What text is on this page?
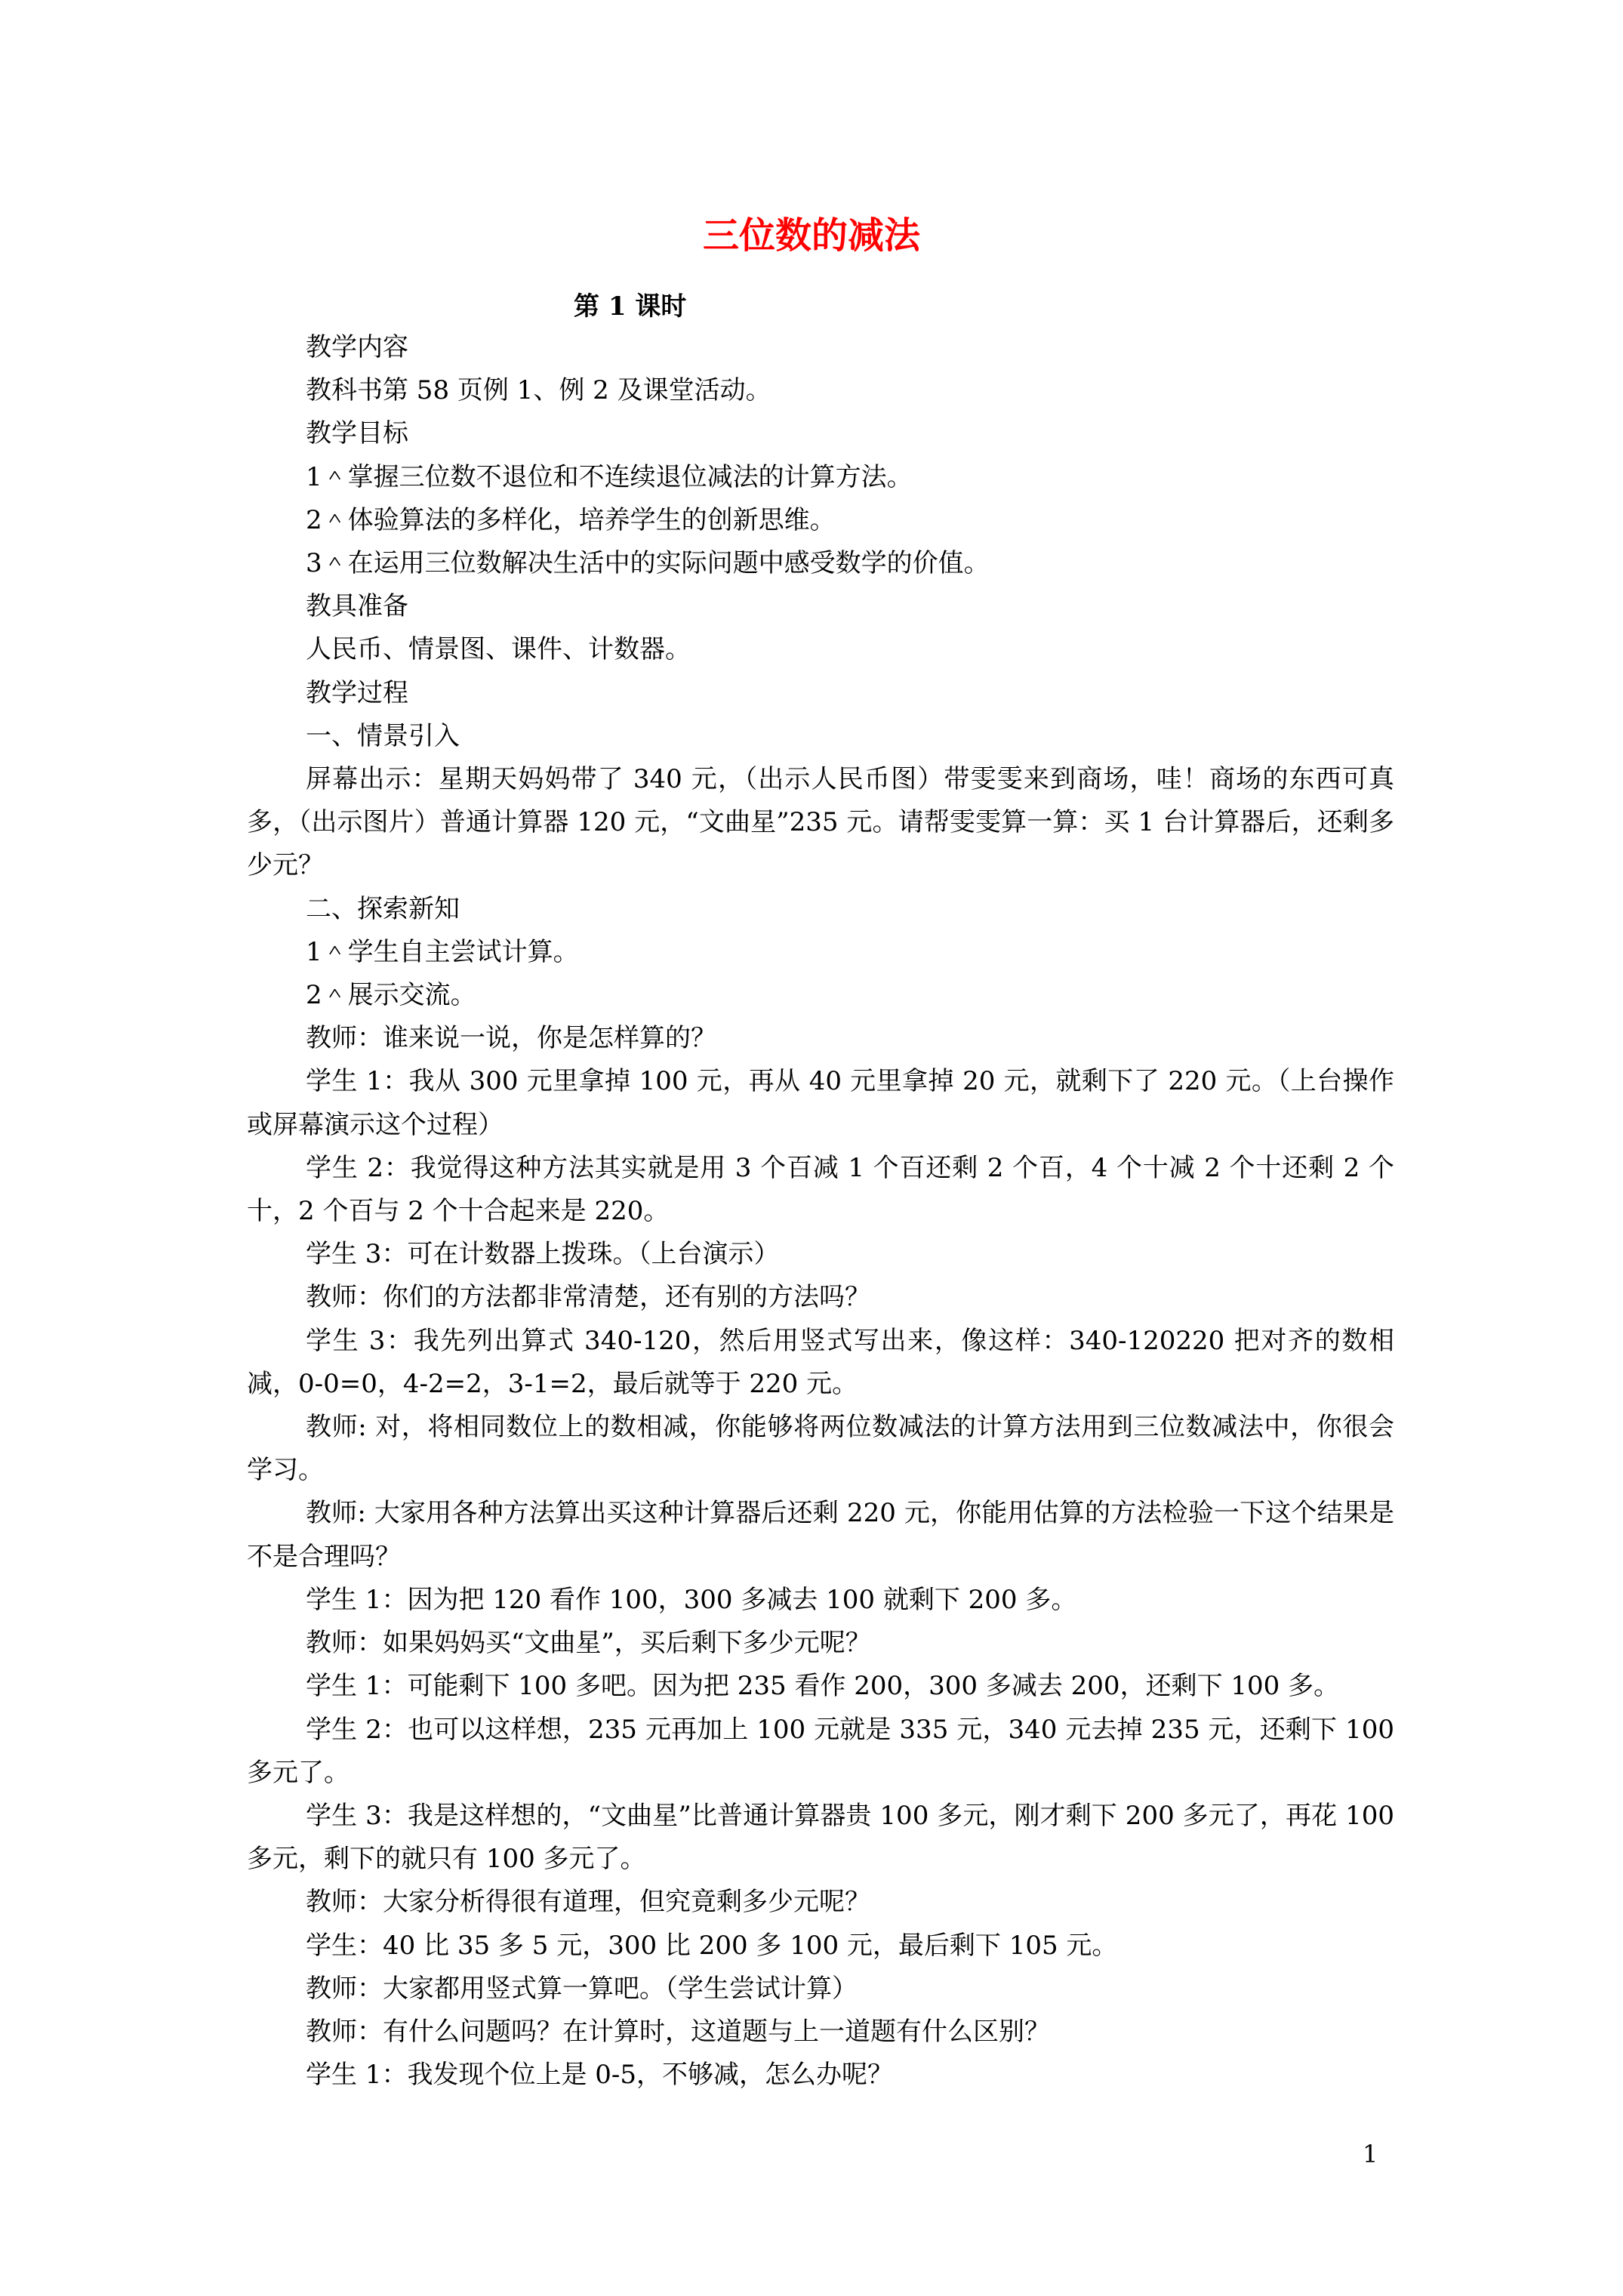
三位数的减法
第 1 课时

教学内容

教科书第 58 页例 1、例 2 及课堂活动。

教学目标

1＾掌握三位数不退位和不连续退位减法的计算方法。

2＾体验算法的多样化，培养学生的创新思维。

3＾在运用三位数解决生活中的实际问题中感受数学的价值。

教具准备

人民币、情景图、课件、计数器。

教学过程

一、情景引入

屏幕出示：星期天妈妈带了 340 元，（出示人民币图）带雯雯来到商场，哇！商场的东西可真多，（出示图片）普通计算器 120 元，“文曲星”235 元。请帮雯雯算一算：买 1 台计算器后，还剩多少元？

二、探索新知

1＾学生自主尝试计算。

2＾展示交流。

教师：谁来说一说，你是怎样算的？

学生 1：我从 300 元里拿掉 100 元，再从 40 元里拿掉 20 元，就剩下了 220 元。（上台操作或屏幕演示这个过程）

学生 2：我觉得这种方法其实就是用 3 个百减 1 个百还剩 2 个百，4 个十减 2 个十还剩 2 个十，2 个百与 2 个十合起来是 220。

学生 3：可在计数器上拨珠。（上台演示）

教师：你们的方法都非常清楚，还有别的方法吗？

学生 3：我先列出算式 340-120，然后用竖式写出来，像这样：340-120220 把对齐的数相减，0-0=0，4-2=2，3-1=2，最后就等于 220 元。

教师: 对，将相同数位上的数相减，你能够将两位数减法的计算方法用到三位数减法中，你很会学习。

教师: 大家用各种方法算出买这种计算器后还剩 220 元，你能用估算的方法检验一下这个结果是不是合理吗？

学生 1：因为把 120 看作 100，300 多减去 100 就剩下 200 多。

教师：如果妈妈买“文曲星”，买后剩下多少元呢？

学生 1：可能剩下 100 多吧。因为把 235 看作 200，300 多减去 200，还剩下 100 多。

学生 2：也可以这样想，235 元再加上 100 元就是 335 元，340 元去掉 235 元，还剩下 100 多元了。

学生 3：我是这样想的，“文曲星”比普通计算器贵 100 多元，刚才剩下 200 多元了，再花 100 多元，剩下的就只有 100 多元了。

教师：大家分析得很有道理，但究竟剩多少元呢？

学生：40 比 35 多 5 元，300 比 200 多 100 元，最后剩下 105 元。

教师：大家都用竖式算一算吧。（学生尝试计算）

教师：有什么问题吗？在计算时，这道题与上一道题有什么区别？

学生 1：我发现个位上是 0-5，不够减，怎么办呢？

1
